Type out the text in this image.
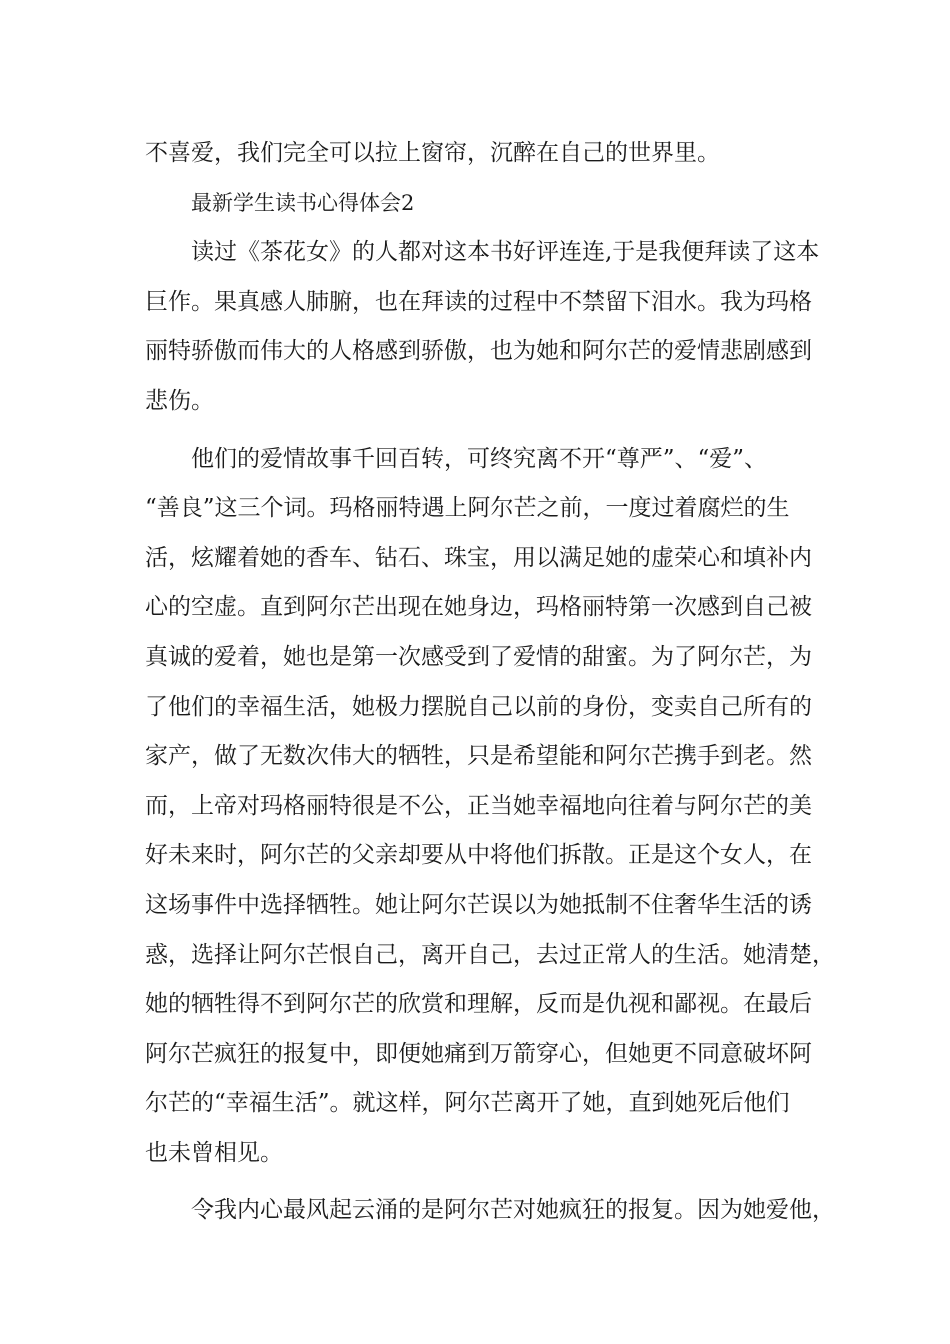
不喜爱，我们完全可以拉上窗帘，沉醉在自己的世界里。
最新学生读书心得体会2
读过《茶花女》的人都对这本书好评连连,于是我便拜读了这本
巨作。果真感人肺腑，也在拜读的过程中不禁留下泪水。我为玛格
丽特骄傲而伟大的人格感到骄傲，也为她和阿尔芒的爱情悲剧感到
悲伤。
他们的爱情故事千回百转，可终究离不开“尊严”、“爱”、
“善良”这三个词。玛格丽特遇上阿尔芒之前，一度过着腐烂的生
活，炫耀着她的香车、钻石、珠宝，用以满足她的虚荣心和填补内
心的空虚。直到阿尔芒出现在她身边，玛格丽特第一次感到自己被
真诚的爱着，她也是第一次感受到了爱情的甜蜜。为了阿尔芒，为
了他们的幸福生活，她极力摆脱自己以前的身份，变卖自己所有的
家产，做了无数次伟大的牺牲，只是希望能和阿尔芒携手到老。然
而，上帝对玛格丽特很是不公，正当她幸福地向往着与阿尔芒的美
好未来时，阿尔芒的父亲却要从中将他们拆散。正是这个女人，在
这场事件中选择牺牲。她让阿尔芒误以为她抵制不住奢华生活的诱
惑，选择让阿尔芒恨自己，离开自己，去过正常人的生活。她清楚，
她的牺牲得不到阿尔芒的欣赏和理解，反而是仇视和鄙视。在最后
阿尔芒疯狂的报复中，即便她痛到万箭穿心，但她更不同意破坏阿
尔芒的“幸福生活”。就这样，阿尔芒离开了她，直到她死后他们
也未曾相见。
令我内心最风起云涌的是阿尔芒对她疯狂的报复。因为她爱他，
